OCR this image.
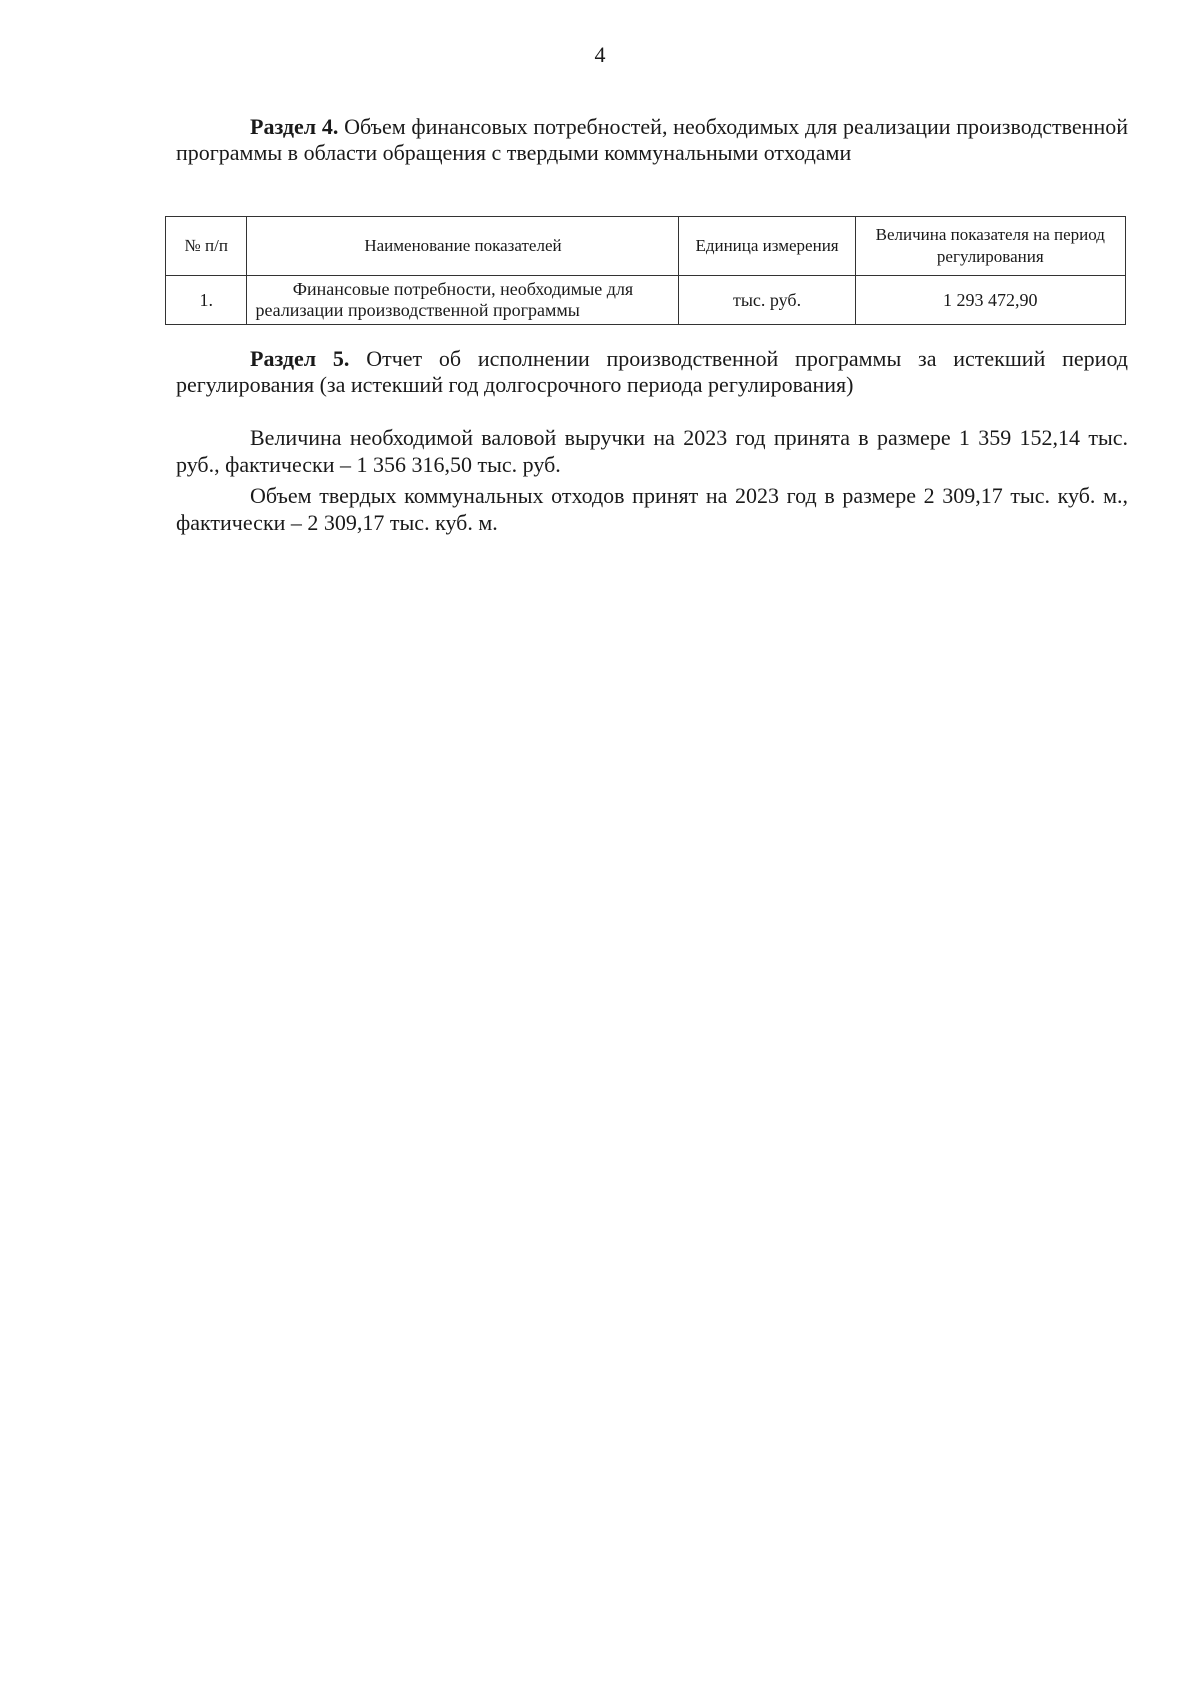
4

Раздел 4. Объем финансовых потребностей, необходимых для реализации производственной программы в области обращения с твердыми коммунальными отходами

№ п/п	Наименование показателей	Единица измерения	Величина показателя на период регулирования
1.	Финансовые потребности, необходимые для реализации производственной программы	тыс. руб.	1 293 472,90

Раздел 5. Отчет об исполнении производственной программы за истекший период регулирования (за истекший год долгосрочного периода регулирования)

Величина необходимой валовой выручки на 2023 год принята в размере 1 359 152,14 тыс. руб., фактически – 1 356 316,50 тыс. руб.

Объем твердых коммунальных отходов принят на 2023 год в размере 2 309,17 тыс. куб. м., фактически – 2 309,17 тыс. куб. м.
